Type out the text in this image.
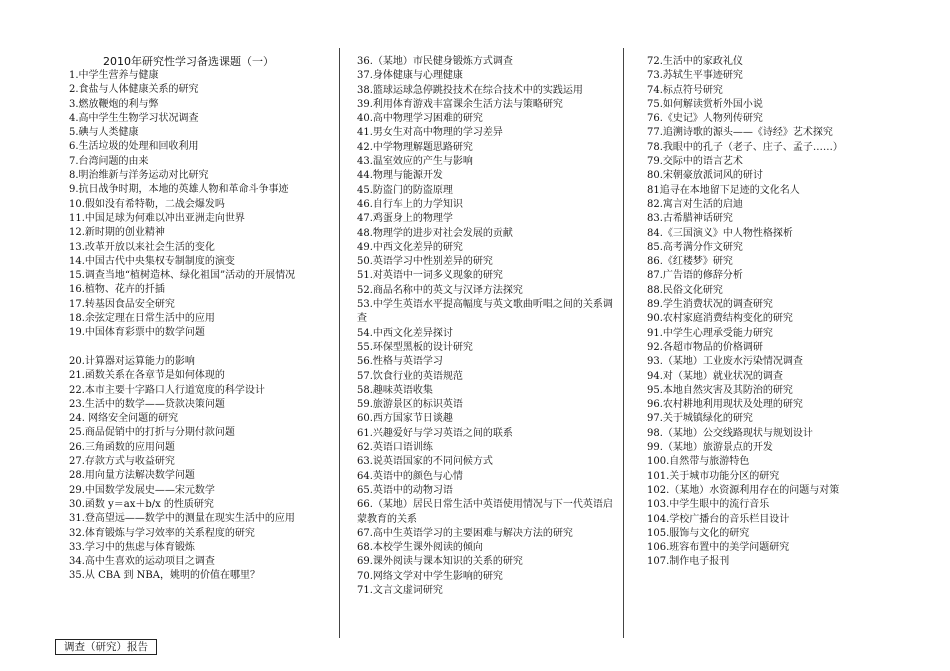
2010年研究性学习备选课题（一）
1.中学生营养与健康
2.食盐与人体健康关系的研究
3.燃放鞭炮的利与弊
4.高中学生生物学习状况调查
5.碘与人类健康
6.生活垃圾的处理和回收利用
7.台湾问题的由来
8.明治维新与洋务运动对比研究
9.抗日战争时期，本地的英雄人物和革命斗争事迹
10.假如没有希特勒，二战会爆发吗
11.中国足球为何难以冲出亚洲走向世界
12.新时期的创业精神
13.改革开放以来社会生活的变化
14.中国古代中央集权专制制度的演变
15.调查当地“植树造林、绿化祖国”活动的开展情况
16.植物、花卉的扦插
17.转基因食品安全研究
18.余弦定理在日常生活中的应用
19.中国体育彩票中的数学问题
20.计算器对运算能力的影响
21.函数关系在各章节是如何体现的
22.本市主要十字路口人行道宽度的科学设计
23.生活中的数学——贷款决策问题
24. 网络安全问题的研究
25.商品促销中的打折与分期付款问题
26.三角函数的应用问题
27.存款方式与收益研究
28.用向量方法解决数学问题
29.中国数学发展史——宋元数学
30.函数 y＝ax＋b/x 的性质研究
31.登高望远——数学中的测量在现实生活中的应用
32.体育锻炼与学习效率的关系程度的研究
33.学习中的焦虑与体育锻炼
34.高中生喜欢的运动项目之调查
35.从 CBA 到 NBA，姚明的价值在哪里？
36.（某地）市民健身锻炼方式调查
37.身体健康与心理健康
38.篮球运球急停跳投技术在综合技术中的实践运用
39.利用体育游戏丰富课余生活方法与策略研究
40.高中物理学习困难的研究
41.男女生对高中物理的学习差异
42.中学物理解题思路研究
43.温室效应的产生与影响
44.物理与能源开发
45.防盗门的防盗原理
46.自行车上的力学知识
47.鸡蛋身上的物理学
48.物理学的进步对社会发展的贡献
49.中西文化差异的研究
50.英语学习中性别差异的研究
51.对英语中一词多义现象的研究
52.商品名称中的英文与汉译方法探究
53.中学生英语水平提高幅度与英文歌曲听唱之间的关系调查
54.中西文化差异探讨
55.环保型黑板的设计研究
56.性格与英语学习
57.饮食行业的英语规范
58.趣味英语收集
59.旅游景区的标识英语
60.西方国家节日谈趣
61.兴趣爱好与学习英语之间的联系
62.英语口语训练
63.说英语国家的不同问候方式
64.英语中的颜色与心情
65.英语中的动物习语
66.（某地）居民日常生活中英语使用情况与下一代英语启蒙教育的关系
67.高中生英语学习的主要困难与解决方法的研究
68.本校学生课外阅读的倾向
69.课外阅读与课本知识的关系的研究
70.网络文学对中学生影响的研究
71.文言文虚词研究
72.生活中的家政礼仪
73.苏轼生平事迹研究
74.标点符号研究
75.如何解读赏析外国小说
76.《史记》人物列传研究
77.追溯诗歌的源头——《诗经》艺术探究
78.我眼中的孔子（老子、庄子、孟子……）
79.交际中的语言艺术
80.宋朝豪放派词风的研讨
81追寻在本地留下足迹的文化名人
82.寓言对生活的启迪
83.古希腊神话研究
84.《三国演义》中人物性格探析
85.高考满分作文研究
86.《红楼梦》研究
87.广告语的修辞分析
88.民俗文化研究
89.学生消费状况的调查研究
90.农村家庭消费结构变化的研究
91.中学生心理承受能力研究
92.各超市物品的价格调研
93.（某地）工业废水污染情况调查
94.对（某地）就业状况的调查
95.本地自然灾害及其防治的研究
96.农村耕地利用现状及处理的研究
97.关于城镇绿化的研究
98.（某地）公交线路现状与规划设计
99.（某地）旅游景点的开发
100.自然带与旅游特色
101.关于城市功能分区的研究
102.（某地）水资源利用存在的问题与对策
103.中学生眼中的流行音乐
104.学校广播台的音乐栏目设计
105.服饰与文化的研究
106.班容布置中的美学问题研究
107.制作电子报刊
调查（研究）报告
